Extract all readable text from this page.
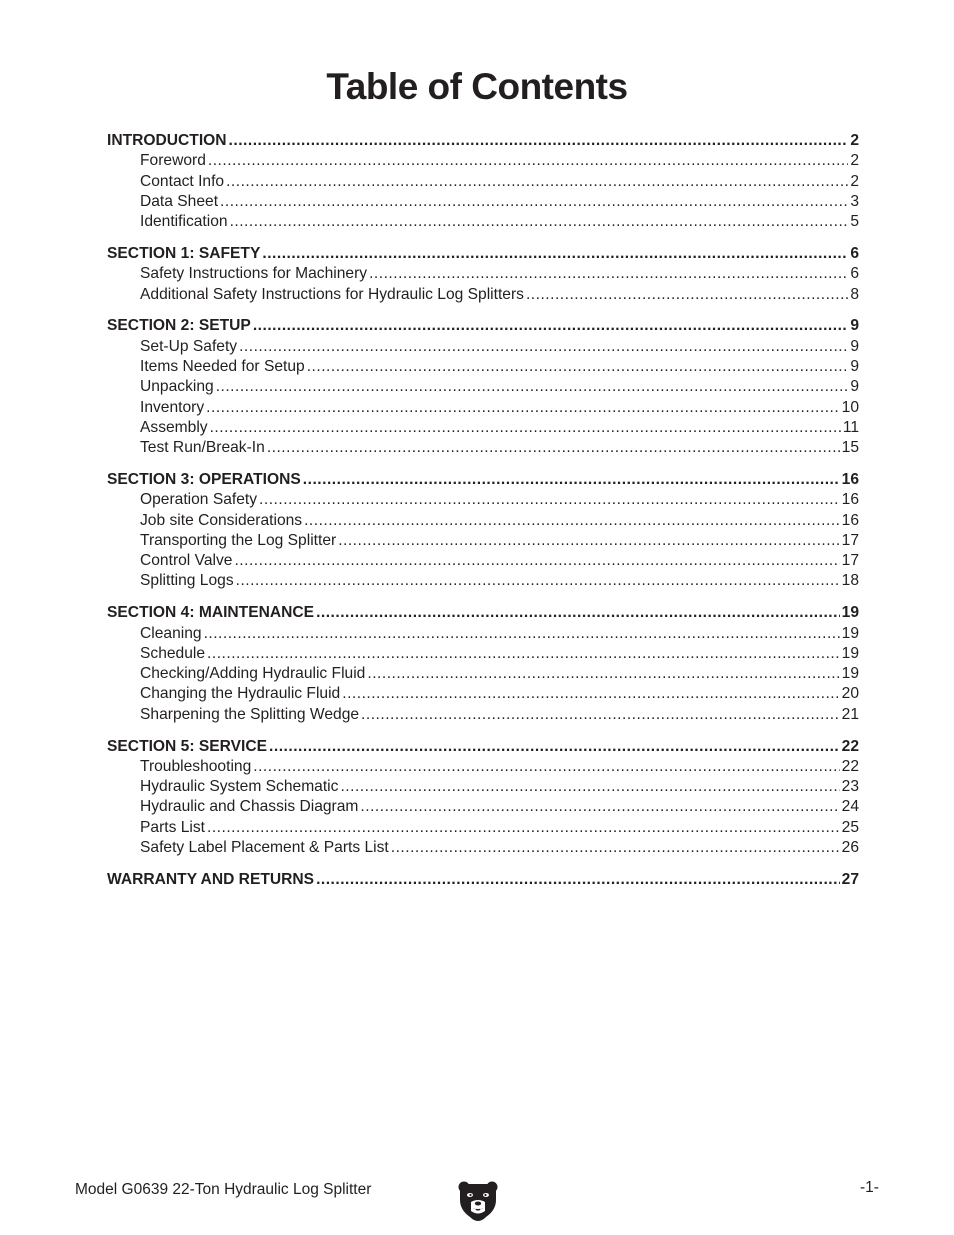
Table of Contents
INTRODUCTION .....	2
Foreword .....	2
Contact Info .....	2
Data Sheet .....	3
Identification .....	5
SECTION 1: SAFETY .....	6
Safety Instructions for Machinery .....	6
Additional Safety Instructions for Hydraulic Log Splitters .....	8
SECTION 2: SETUP .....	9
Set-Up Safety .....	9
Items Needed for Setup .....	9
Unpacking .....	9
Inventory .....	10
Assembly .....	11
Test Run/Break-In .....	15
SECTION 3: OPERATIONS .....	16
Operation Safety .....	16
Job site Considerations .....	16
Transporting the Log Splitter .....	17
Control Valve .....	17
Splitting Logs .....	18
SECTION 4: MAINTENANCE .....	19
Cleaning .....	19
Schedule .....	19
Checking/Adding Hydraulic Fluid .....	19
Changing the Hydraulic Fluid .....	20
Sharpening the Splitting Wedge .....	21
SECTION 5: SERVICE .....	22
Troubleshooting .....	22
Hydraulic System Schematic .....	23
Hydraulic and Chassis Diagram .....	24
Parts List .....	25
Safety Label Placement & Parts List .....	26
WARRANTY AND RETURNS .....	27
Model G0639 22-Ton Hydraulic Log Splitter	-1-
